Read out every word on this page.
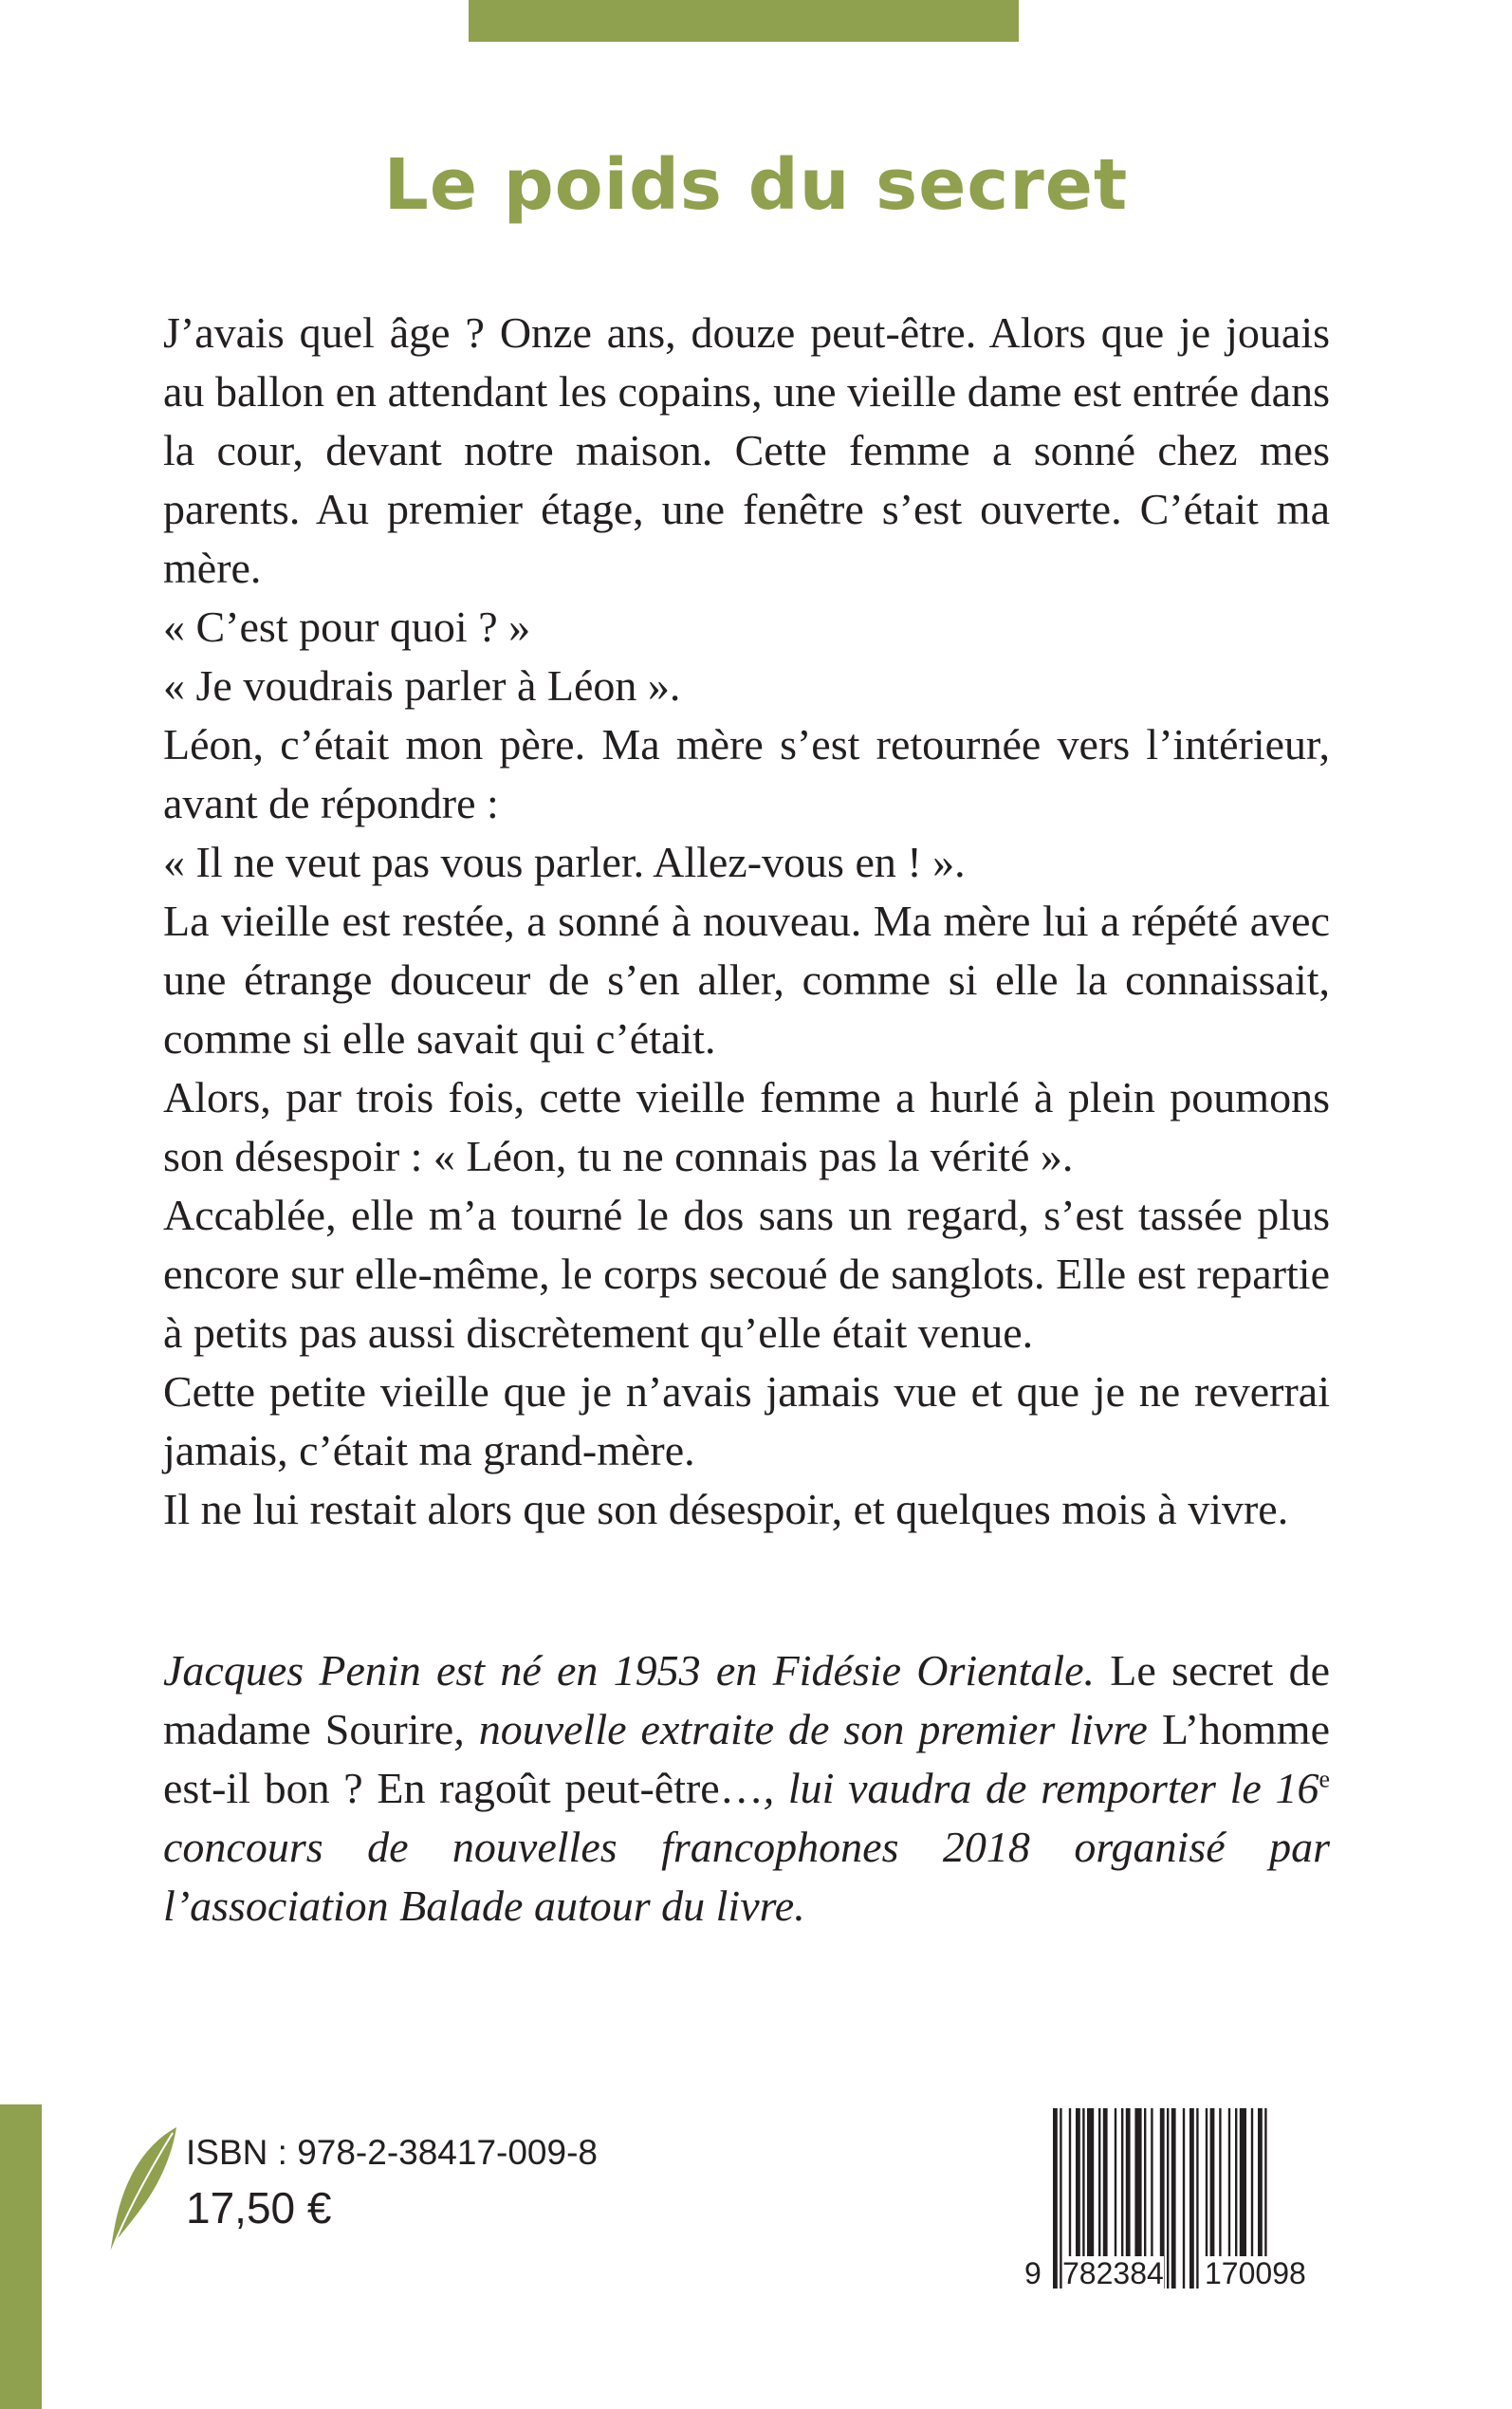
Le poids du secret

J’avais quel âge ? Onze ans, douze peut-être. Alors que je jouais au ballon en attendant les copains, une vieille dame est entrée dans la cour, devant notre maison. Cette femme a sonné chez mes parents. Au premier étage, une fenêtre s’est ouverte. C’était ma mère.

« C’est pour quoi ? »

« Je voudrais parler à Léon ».

Léon, c’était mon père. Ma mère s’est retournée vers l’intérieur, avant de répondre :

« Il ne veut pas vous parler. Allez-vous en ! ».

La vieille est restée, a sonné à nouveau. Ma mère lui a répété avec une étrange douceur de s’en aller, comme si elle la connaissait, comme si elle savait qui c’était.

Alors, par trois fois, cette vieille femme a hurlé à plein poumons son désespoir : « Léon, tu ne connais pas la vérité ».

Accablée, elle m’a tourné le dos sans un regard, s’est tassée plus encore sur elle-même, le corps secoué de sanglots. Elle est repartie à petits pas aussi discrètement qu’elle était venue.

Cette petite vieille que je n’avais jamais vue et que je ne reverrai jamais, c’était ma grand-mère.

Il ne lui restait alors que son désespoir, et quelques mois à vivre.

Jacques Penin est né en 1953 en Fidésie Orientale. Le secret de madame Sourire, nouvelle extraite de son premier livre L’homme est-il bon ? En ragoût peut-être…, lui vaudra de remporter le 16e concours de nouvelles francophones 2018 organisé par l’association Balade autour du livre.

ISBN : 978-2-38417-009-8
17,50 €
9 782384 170098
